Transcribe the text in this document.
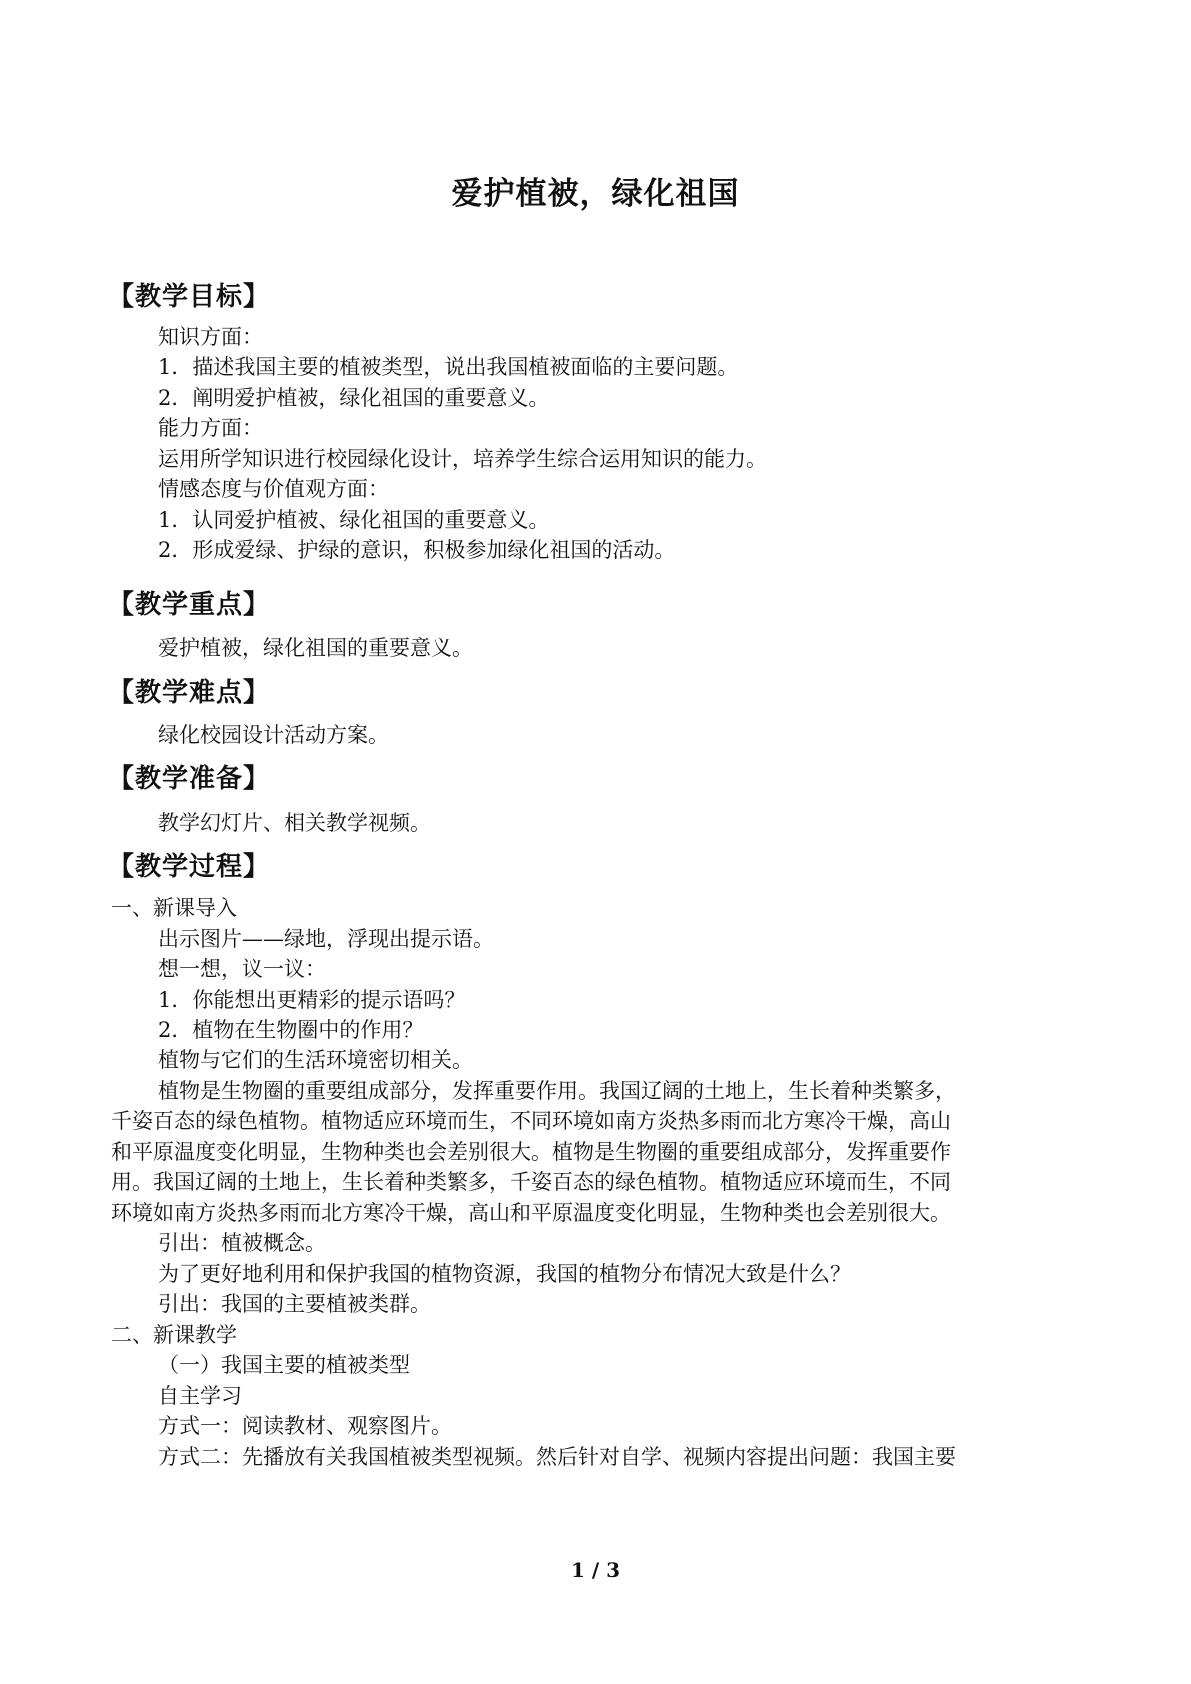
爱护植被，绿化祖国
【教学目标】
知识方面：
1．描述我国主要的植被类型，说出我国植被面临的主要问题。
2．阐明爱护植被，绿化祖国的重要意义。
能力方面：
运用所学知识进行校园绿化设计，培养学生综合运用知识的能力。
情感态度与价值观方面：
1．认同爱护植被、绿化祖国的重要意义。
2．形成爱绿、护绿的意识，积极参加绿化祖国的活动。
【教学重点】
爱护植被，绿化祖国的重要意义。
【教学难点】
绿化校园设计活动方案。
【教学准备】
教学幻灯片、相关教学视频。
【教学过程】
一、新课导入
出示图片——绿地，浮现出提示语。
想一想，议一议：
1．你能想出更精彩的提示语吗？
2．植物在生物圈中的作用？
植物与它们的生活环境密切相关。
植物是生物圈的重要组成部分，发挥重要作用。我国辽阔的土地上，生长着种类繁多，
千姿百态的绿色植物。植物适应环境而生，不同环境如南方炎热多雨而北方寒冷干燥，高山
和平原温度变化明显，生物种类也会差别很大。植物是生物圈的重要组成部分，发挥重要作
用。我国辽阔的土地上，生长着种类繁多，千姿百态的绿色植物。植物适应环境而生，不同
环境如南方炎热多雨而北方寒冷干燥，高山和平原温度变化明显，生物种类也会差别很大。
引出：植被概念。
为了更好地利用和保护我国的植物资源，我国的植物分布情况大致是什么？
引出：我国的主要植被类群。
二、新课教学
（一）我国主要的植被类型
自主学习
方式一：阅读教材、观察图片。
方式二：先播放有关我国植被类型视频。然后针对自学、视频内容提出问题：我国主要
1 / 3
